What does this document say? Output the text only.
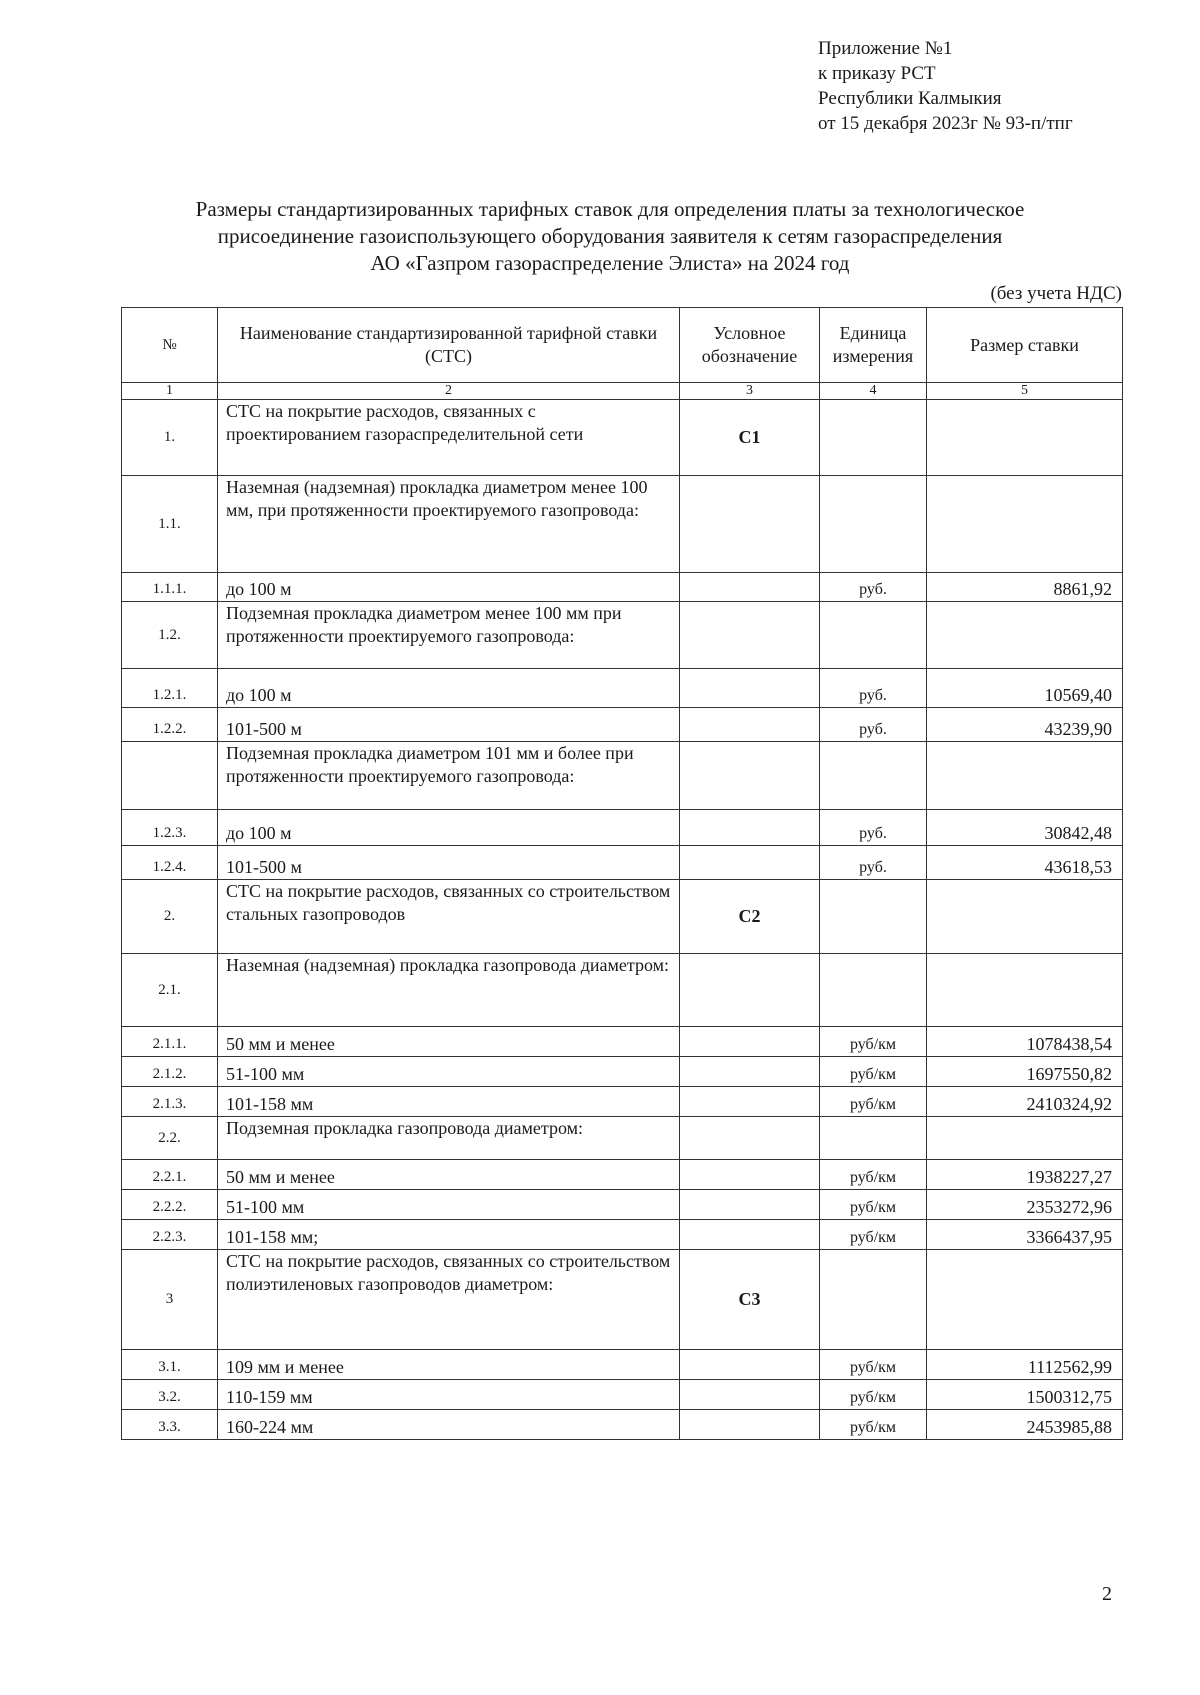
Приложение №1
к приказу РСТ
Республики Калмыкия
от 15 декабря 2023г № 93-п/тпг
Размеры стандартизированных тарифных ставок для определения платы за технологическое
присоединение газоиспользующего оборудования заявителя к сетям газораспределения
АО «Газпром газораспределение Элиста» на 2024 год
(без учета НДС)
№	Наименование стандартизированной тарифной ставки (СТС)	Условное обозначение	Единица измерения	Размер ставки
1	2	3	4	5
1.	СТС на покрытие расходов, связанных с проектированием газораспределительной сети	С1		
1.1.	Наземная (надземная) прокладка диаметром менее 100 мм, при протяженности проектируемого газопровода:			
1.1.1.	до 100 м		руб.	8861,92
1.2.	Подземная прокладка диаметром менее 100 мм при протяженности проектируемого газопровода:			
1.2.1.	до 100 м		руб.	10569,40
1.2.2.	101-500 м		руб.	43239,90
	Подземная прокладка диаметром 101 мм и более при протяженности проектируемого газопровода:			
1.2.3.	до 100 м		руб.	30842,48
1.2.4.	101-500 м		руб.	43618,53
2.	СТС на покрытие расходов, связанных со строительством стальных газопроводов	С2		
2.1.	Наземная (надземная) прокладка газопровода диаметром:			
2.1.1.	50 мм и менее		руб/км	1078438,54
2.1.2.	51-100 мм		руб/км	1697550,82
2.1.3.	101-158 мм		руб/км	2410324,92
2.2.	Подземная прокладка газопровода диаметром:			
2.2.1.	50 мм и менее		руб/км	1938227,27
2.2.2.	51-100 мм		руб/км	2353272,96
2.2.3.	101-158 мм;		руб/км	3366437,95
3	СТС на покрытие расходов, связанных со строительством полиэтиленовых газопроводов диаметром:	С3		
3.1.	109 мм и менее		руб/км	1112562,99
3.2.	110-159 мм		руб/км	1500312,75
3.3.	160-224 мм		руб/км	2453985,88
2
